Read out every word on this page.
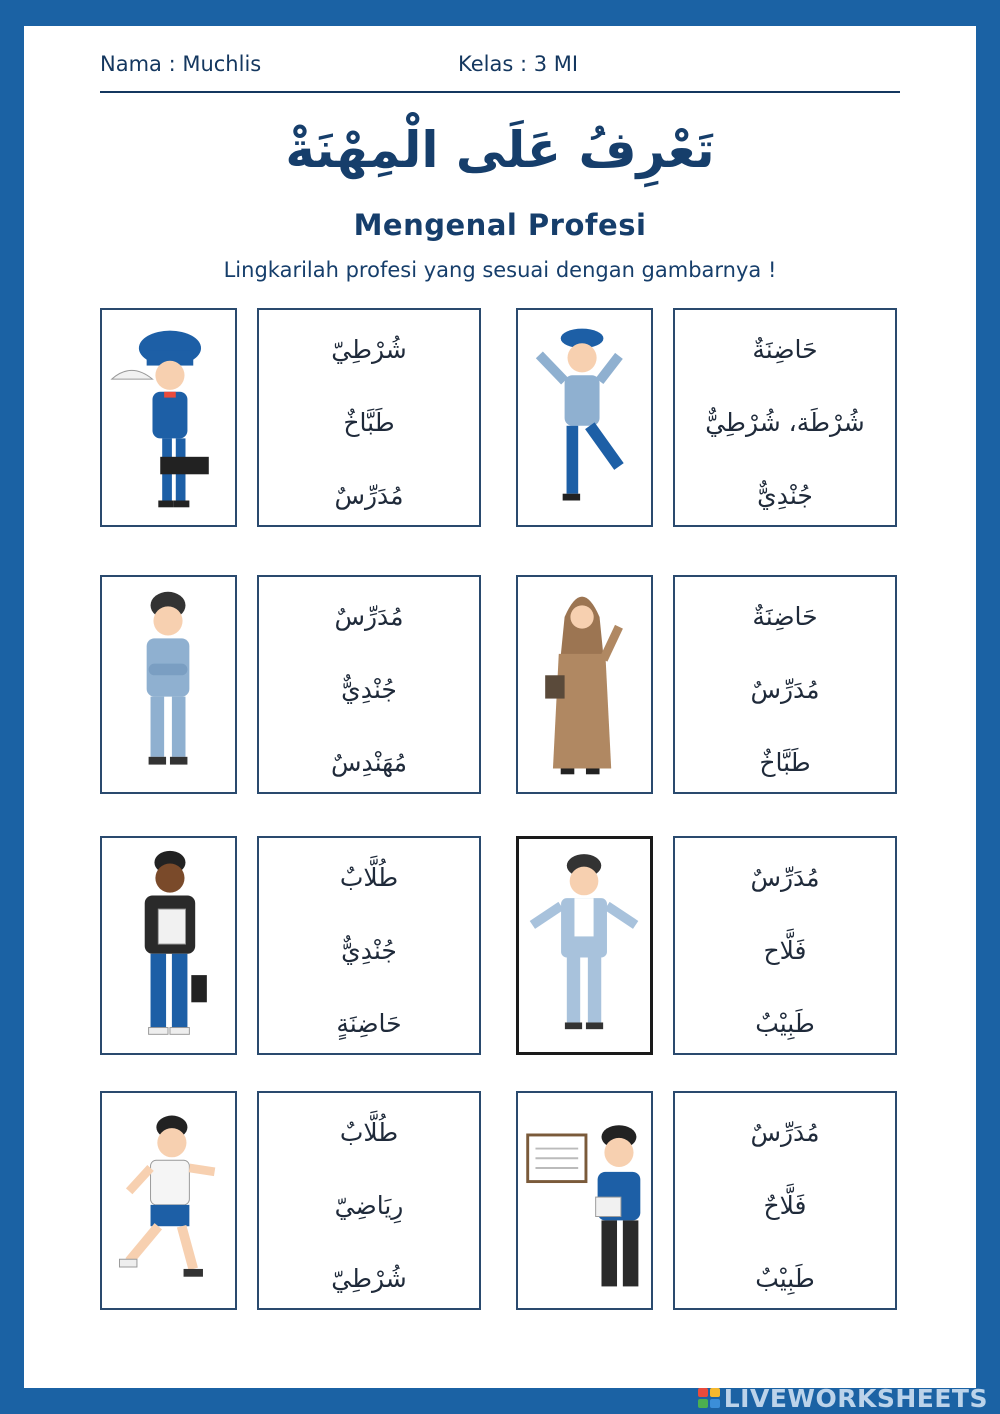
Nama : Muchlis	Kelas : 3 MI
تَعْرِفُ عَلَى الْمِهْنَةْ
Mengenal Profesi
Lingkarilah profesi yang sesuai dengan gambarnya !
شُرْطِيّ
طَبَّاخٌ
مُدَرِّسٌ
حَاضِنَةٌ
شُرْطَة، شُرْطِيٌّ
جُنْدِيٌّ
مُدَرِّسٌ
جُنْدِيٌّ
مُهَنْدِسٌ
حَاضِنَةٌ
مُدَرِّسٌ
طَبَّاخٌ
طُلَّابٌ
جُنْدِيٌّ
حَاضِنَةٍ
مُدَرِّسٌ
فَلَّاح
طَبِيْبٌ
طُلَّابٌ
رِيَاضِيّ
شُرْطِيّ
مُدَرِّسٌ
فَلَّاحٌ
طَبِيْبٌ
LIVEWORKSHEETS
